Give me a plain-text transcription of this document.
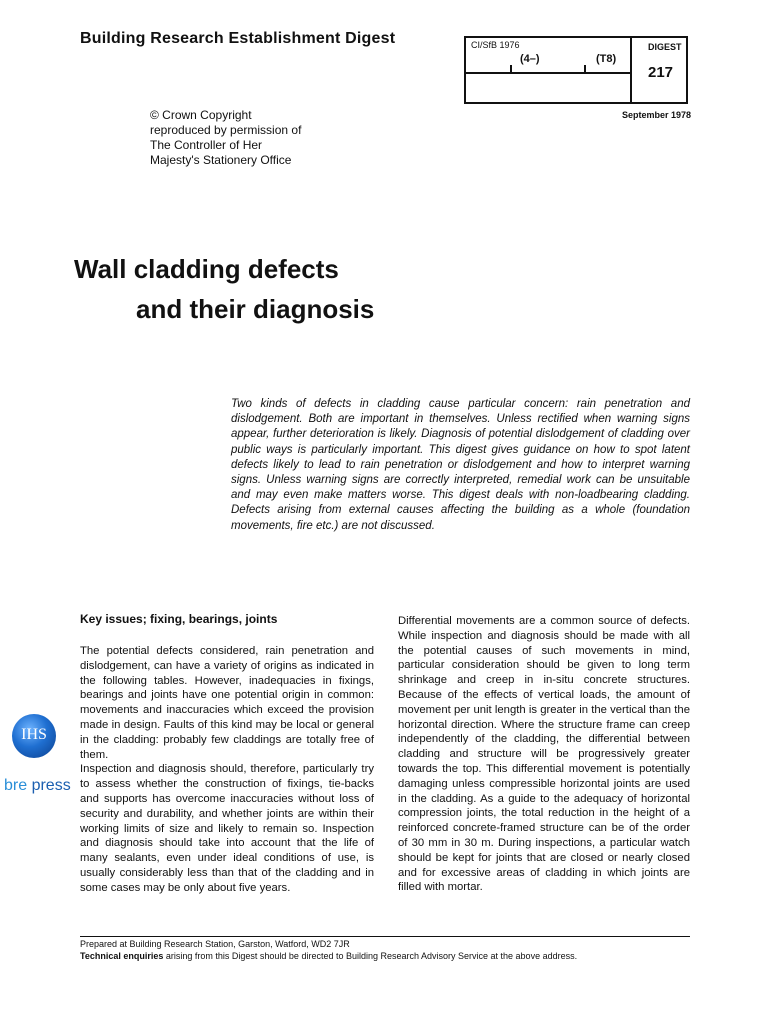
Building Research Establishment Digest
© Crown Copyright
reproduced by permission of
The Controller of Her
Majesty's Stationery Office
CI/SfB 1976
(4–)	(T8)
DIGEST
217
September 1978
Wall cladding defects
and their diagnosis
Two kinds of defects in cladding cause particular concern: rain penetration and dislodgement. Both are important in themselves. Unless rectified when warning signs appear, further deterioration is likely. Diagnosis of potential dislodgement of cladding over public ways is particularly important. This digest gives guidance on how to spot latent defects likely to lead to rain penetration or dislodgement and how to interpret warning signs. Unless warning signs are correctly interpreted, remedial work can be unsuitable and may even make matters worse. This digest deals with non-loadbearing cladding. Defects arising from external causes affecting the building as a whole (foundation movements, fire etc.) are not discussed.
Key issues; fixing, bearings, joints

The potential defects considered, rain penetration and dislodgement, can have a variety of origins as indicated in the following tables. However, inadequacies in fixings, bearings and joints have one potential origin in common: movements and inaccuracies which exceed the provision made in design. Faults of this kind may be local or general in the cladding: probably few claddings are totally free of them.

Inspection and diagnosis should, therefore, particularly try to assess whether the construction of fixings, tie-backs and supports has overcome inaccuracies without loss of security and durability, and whether joints are within their working limits of size and likely to remain so. Inspection and diagnosis should take into account that the life of many sealants, even under ideal conditions of use, is usually considerably less than that of the cladding and in some cases may be only about five years.

Differential movements are a common source of defects. While inspection and diagnosis should be made with all the potential causes of such movements in mind, particular consideration should be given to long term shrinkage and creep in in-situ concrete structures. Because of the effects of vertical loads, the amount of movement per unit length is greater in the vertical than the horizontal direction. Where the structure frame can creep independently of the cladding, the differential between cladding and structure will be progressively greater towards the top. This differential movement is potentially damaging unless compressible horizontal joints are used in the cladding. As a guide to the adequacy of horizontal compression joints, the total reduction in the height of a reinforced concrete-framed structure can be of the order of 30 mm in 30 m. During inspections, a particular watch should be kept for joints that are closed or nearly closed and for excessive areas of cladding in which joints are filled with mortar.

Prepared at Building Research Station, Garston, Watford, WD2 7JR
Technical enquiries arising from this Digest should be directed to Building Research Advisory Service at the above address.
IHS
bre press
